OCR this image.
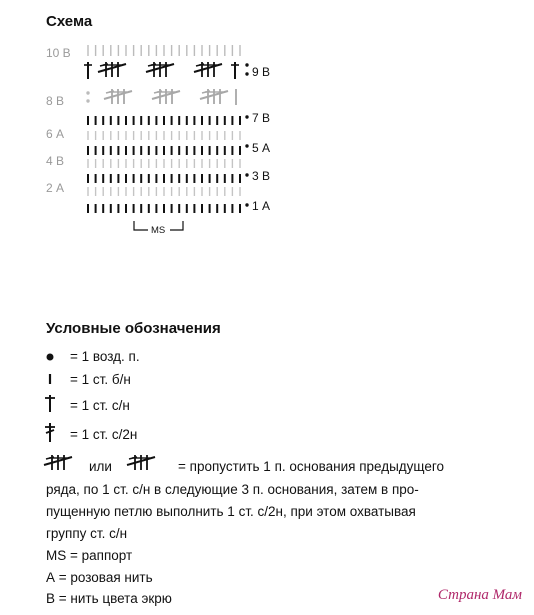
Схема
10 В
8 В
6 А
4 В
2 А
9 В
7 В
5 А
3 В
1 А
MS
Условные обозначения
= 1 возд. п.
= 1 ст. б/н
= 1 ст. с/н
= 1 ст. с/2н
или	= пропустить 1 п. основания предыдущего
ряда, по 1 ст. с/н в следующие 3 п. основания, затем в про-
пущенную петлю выполнить 1 ст. с/2н, при этом охватывая
группу ст. с/н
MS = раппорт
А = розовая нить
В = нить цвета экрю	Страна Мам
